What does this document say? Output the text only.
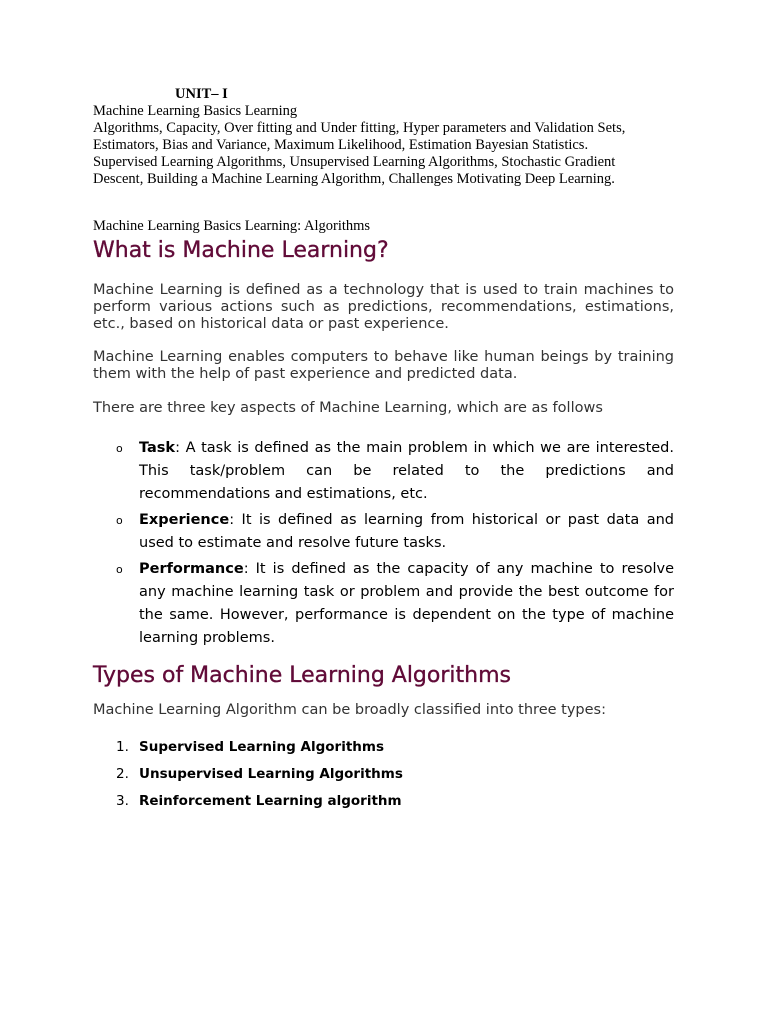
UNIT– I

Machine Learning Basics Learning
Algorithms, Capacity, Over fitting and Under fitting, Hyper parameters and Validation Sets,
Estimators, Bias and Variance, Maximum Likelihood, Estimation Bayesian Statistics.
Supervised Learning Algorithms, Unsupervised Learning Algorithms, Stochastic Gradient
Descent, Building a Machine Learning Algorithm, Challenges Motivating Deep Learning.

Machine Learning Basics Learning: Algorithms

What is Machine Learning?

Machine Learning is defined as a technology that is used to train machines to perform various actions such as predictions, recommendations, estimations, etc., based on historical data or past experience.

Machine Learning enables computers to behave like human beings by training them with the help of past experience and predicted data.

There are three key aspects of Machine Learning, which are as follows

o Task: A task is defined as the main problem in which we are interested. This task/problem can be related to the predictions and recommendations and estimations, etc.
o Experience: It is defined as learning from historical or past data and used to estimate and resolve future tasks.
o Performance: It is defined as the capacity of any machine to resolve any machine learning task or problem and provide the best outcome for the same. However, performance is dependent on the type of machine learning problems.
Types of Machine Learning Algorithms

Machine Learning Algorithm can be broadly classified into three types:

1. Supervised Learning Algorithms
2. Unsupervised Learning Algorithms
3. Reinforcement Learning algorithm
